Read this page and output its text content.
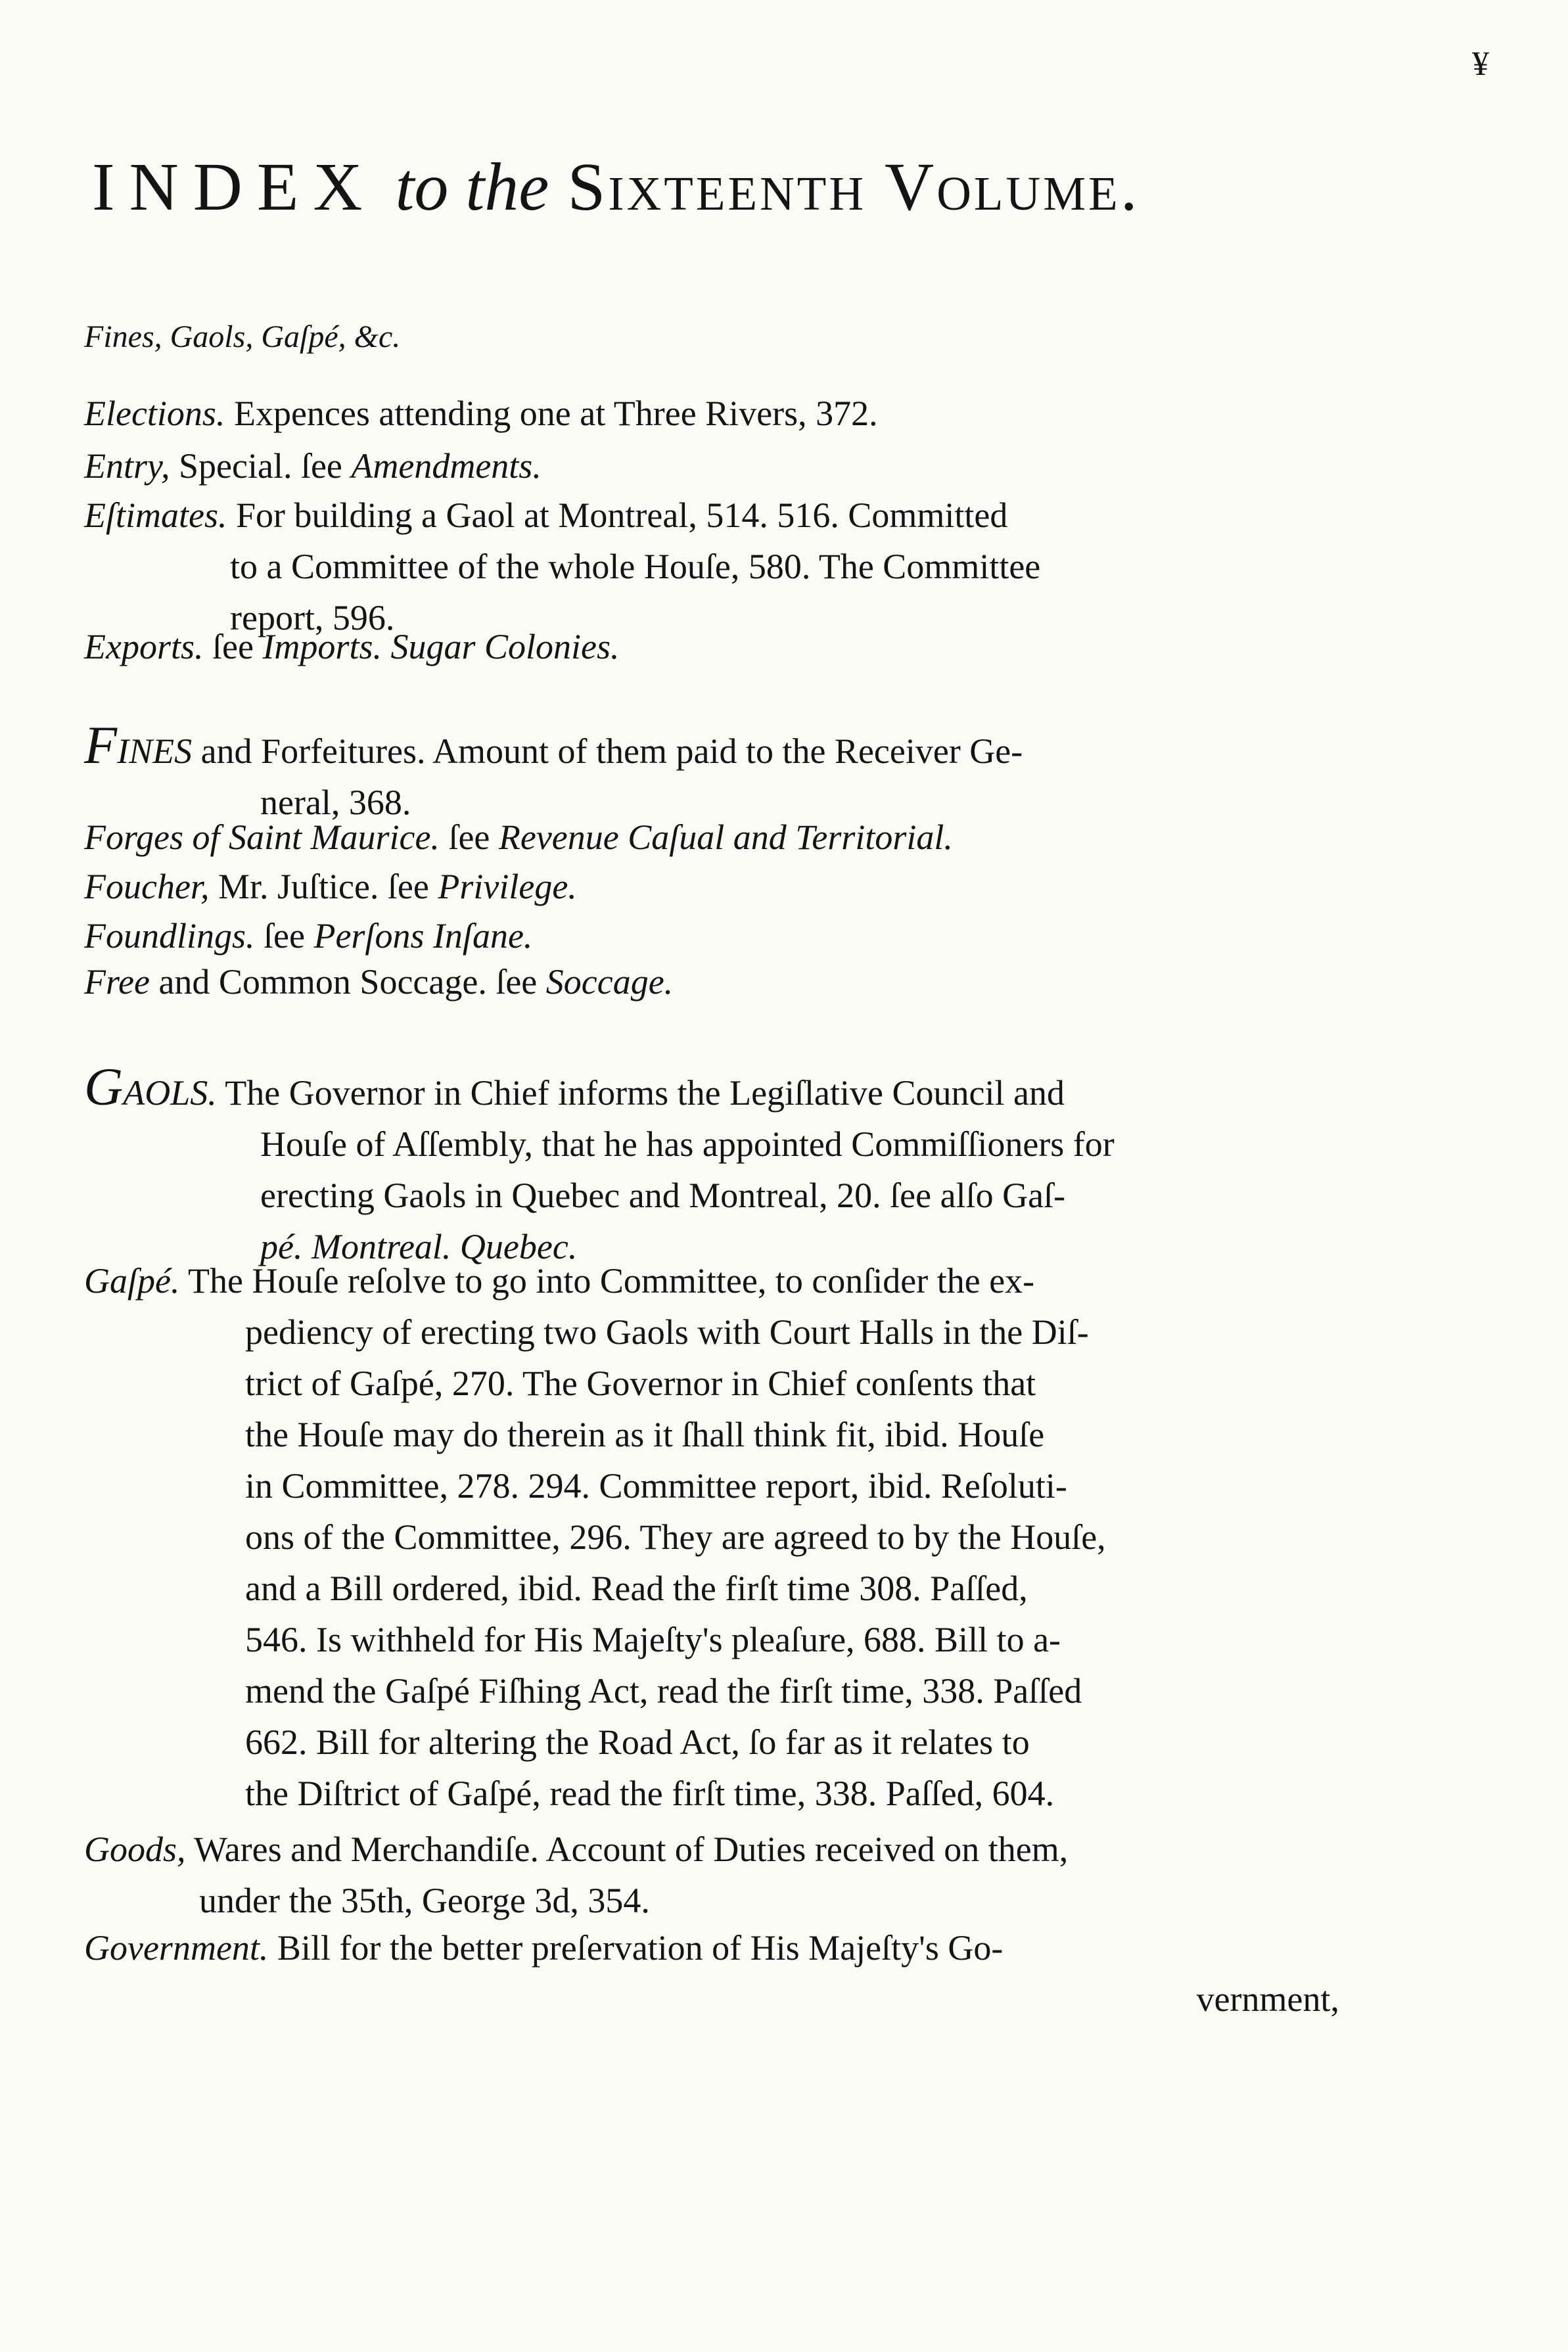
¥
INDEX to the Sixteenth Volume.
Fines, Gaols, Gaſpé, &c.
Elections. Expences attending one at Three Rivers, 372.
Entry, Special. ſee Amendments.
Eſtimates. For building a Gaol at Montreal, 514. 516. Committed
to a Committee of the whole Houſe, 580. The Committee
report, 596.
Exports. ſee Imports. Sugar Colonies.
FINES and Forfeitures. Amount of them paid to the Receiver Ge-
neral, 368.
Forges of Saint Maurice. ſee Revenue Caſual and Territorial.
Foucher, Mr. Juſtice. ſee Privilege.
Foundlings. ſee Perſons Inſane.
Free and Common Soccage. ſee Soccage.
GAOLS. The Governor in Chief informs the Legiſlative Council and
Houſe of Aſſembly, that he has appointed Commiſſioners for
erecting Gaols in Quebec and Montreal, 20. ſee alſo Gaſ-
pé. Montreal. Quebec.
Gaſpé. The Houſe reſolve to go into Committee, to conſider the ex-
pediency of erecting two Gaols with Court Halls in the Diſ-
trict of Gaſpé, 270. The Governor in Chief conſents that
the Houſe may do therein as it ſhall think fit, ibid. Houſe
in Committee, 278. 294. Committee report, ibid. Reſoluti-
ons of the Committee, 296. They are agreed to by the Houſe,
and a Bill ordered, ibid. Read the firſt time 308. Paſſed,
546. Is withheld for His Majeſty's pleaſure, 688. Bill to a-
mend the Gaſpé Fiſhing Act, read the firſt time, 338. Paſſed
662. Bill for altering the Road Act, ſo far as it relates to
the Diſtrict of Gaſpé, read the firſt time, 338. Paſſed, 604.
Goods, Wares and Merchandiſe. Account of Duties received on them,
under the 35th, George 3d, 354.
Government. Bill for the better preſervation of His Majeſty's Go-
vernment,
